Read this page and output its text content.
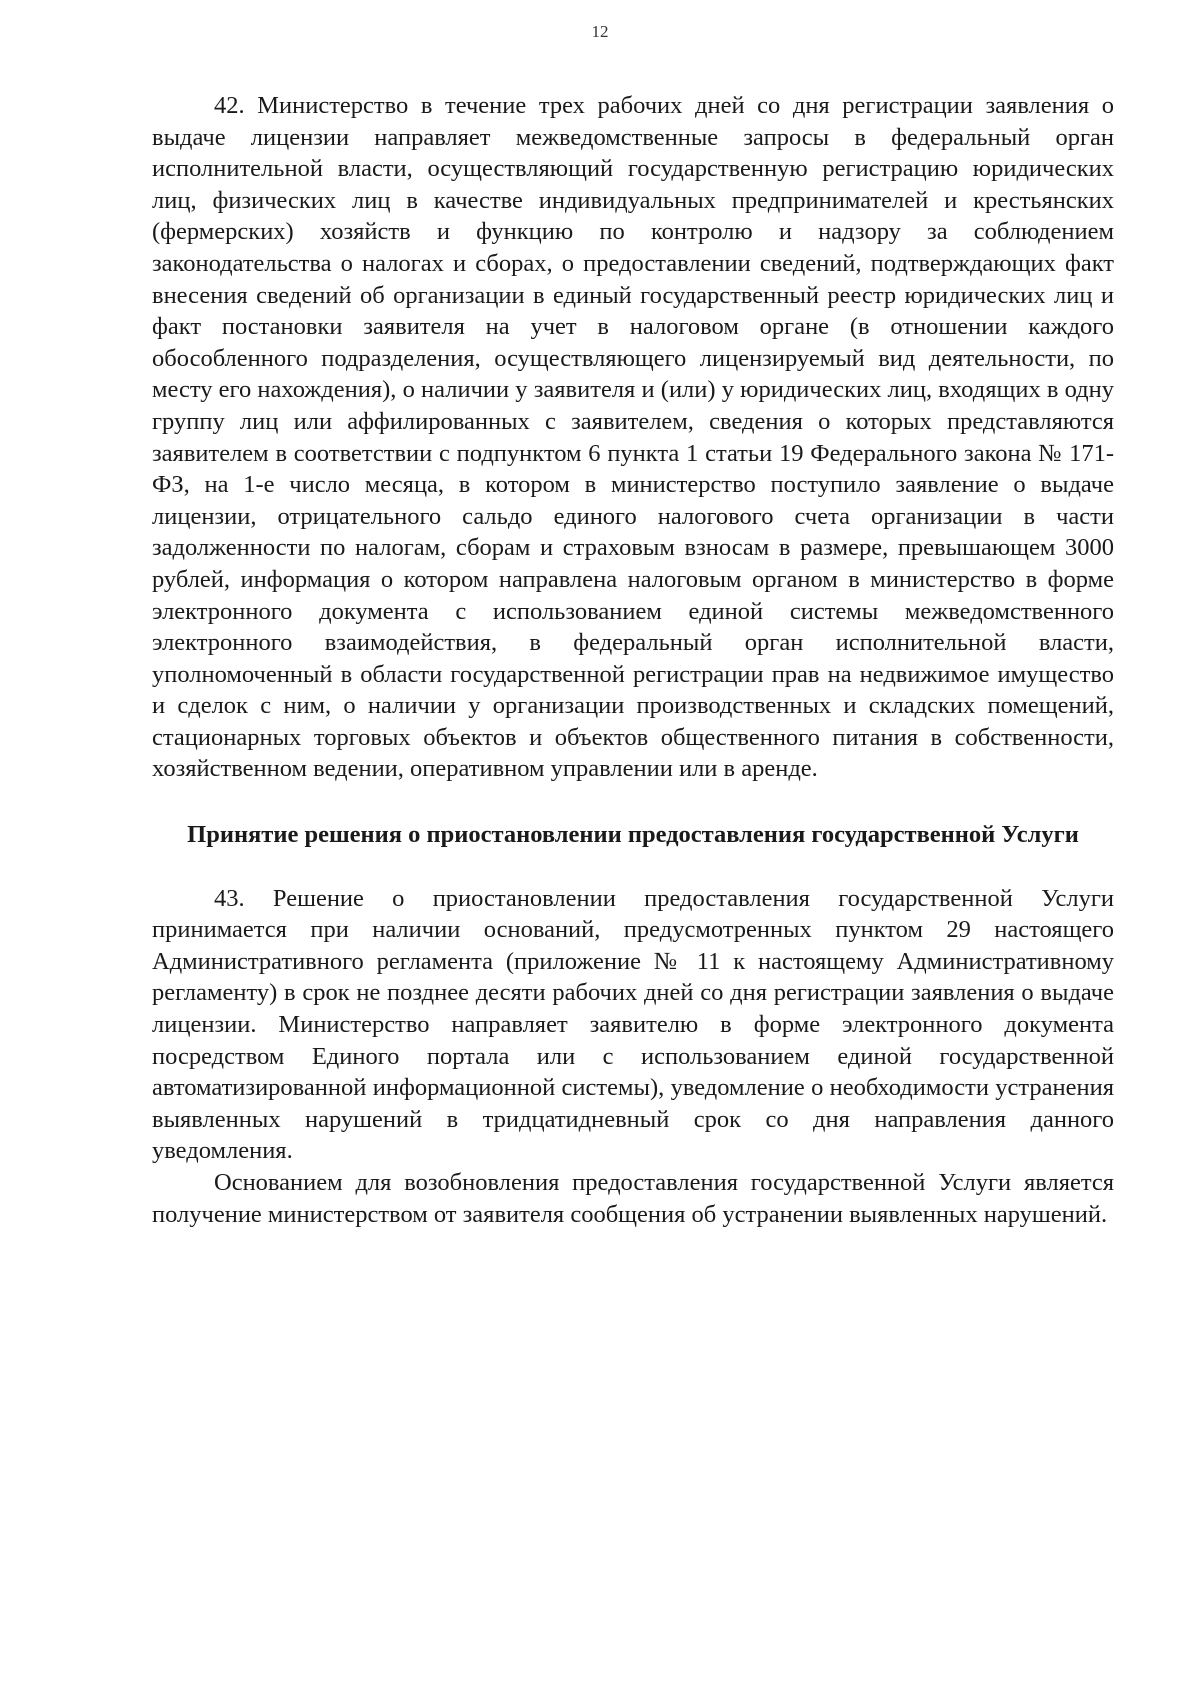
12

42. Министерство в течение трех рабочих дней со дня регистрации заявления о выдаче лицензии направляет межведомственные запросы в федеральный орган исполнительной власти, осуществляющий государственную регистрацию юридических лиц, физических лиц в качестве индивидуальных предпринимателей и крестьянских (фермерских) хозяйств и функцию по контролю и надзору за соблюдением законодательства о налогах и сборах, о предоставлении сведений, подтверждающих факт внесения сведений об организации в единый государственный реестр юридических лиц и факт постановки заявителя на учет в налоговом органе (в отношении каждого обособленного подразделения, осуществляющего лицензируемый вид деятельности, по месту его нахождения), о наличии у заявителя и (или) у юридических лиц, входящих в одну группу лиц или аффилированных с заявителем, сведения о которых представляются заявителем в соответствии с подпунктом 6 пункта 1 статьи 19 Федерального закона № 171-ФЗ, на 1-е число месяца, в котором в министерство поступило заявление о выдаче лицензии, отрицательного сальдо единого налогового счета организации в части задолженности по налогам, сборам и страховым взносам в размере, превышающем 3000 рублей, информация о котором направлена налоговым органом в министерство в форме электронного документа с использованием единой системы межведомственного электронного взаимодействия, в федеральный орган исполнительной власти, уполномоченный в области государственной регистрации прав на недвижимое имущество и сделок с ним, о наличии у организации производственных и складских помещений, стационарных торговых объектов и объектов общественного питания в собственности, хозяйственном ведении, оперативном управлении или в аренде.

Принятие решения о приостановлении предоставления государственной Услуги

43. Решение о приостановлении предоставления государственной Услуги принимается при наличии оснований, предусмотренных пунктом 29 настоящего Административного регламента (приложение № 11 к настоящему Административному регламенту) в срок не позднее десяти рабочих дней со дня регистрации заявления о выдаче лицензии. Министерство направляет заявителю в форме электронного документа посредством Единого портала или с использованием единой государственной автоматизированной информационной системы), уведомление о необходимости устранения выявленных нарушений в тридцатидневный срок со дня направления данного уведомления.

Основанием для возобновления предоставления государственной Услуги является получение министерством от заявителя сообщения об устранении выявленных нарушений.
